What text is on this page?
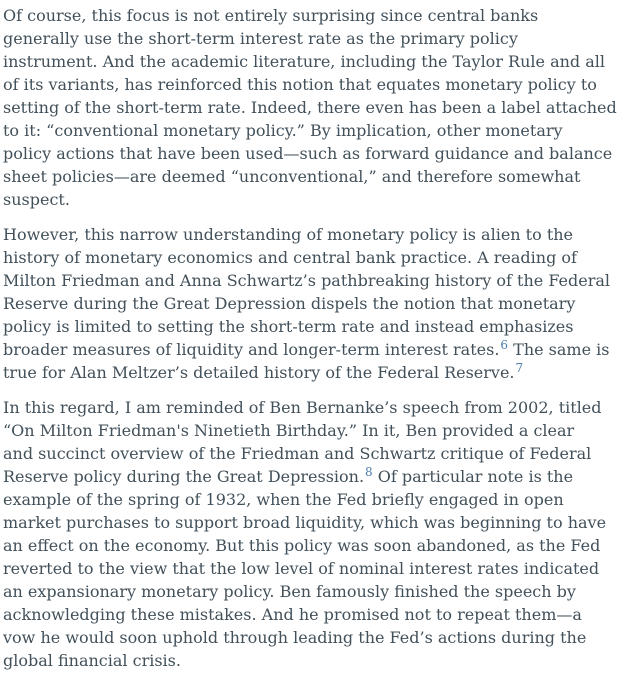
Of course, this focus is not entirely surprising since central banks
generally use the short-term interest rate as the primary policy
instrument. And the academic literature, including the Taylor Rule and all
of its variants, has reinforced this notion that equates monetary policy to
setting of the short-term rate. Indeed, there even has been a label attached
to it: “conventional monetary policy.” By implication, other monetary
policy actions that have been used—such as forward guidance and balance
sheet policies—are deemed “unconventional,” and therefore somewhat
suspect.
However, this narrow understanding of monetary policy is alien to the
history of monetary economics and central bank practice. A reading of
Milton Friedman and Anna Schwartz’s pathbreaking history of the Federal
Reserve during the Great Depression dispels the notion that monetary
policy is limited to setting the short-term rate and instead emphasizes
broader measures of liquidity and longer-term interest rates.$^6$ The same is
true for Alan Meltzer’s detailed history of the Federal Reserve.$^7$
In this regard, I am reminded of Ben Bernanke’s speech from 2002, titled
“On Milton Friedman's Ninetieth Birthday.” In it, Ben provided a clear
and succinct overview of the Friedman and Schwartz critique of Federal
Reserve policy during the Great Depression.$^8$ Of particular note is the
example of the spring of 1932, when the Fed briefly engaged in open
market purchases to support broad liquidity, which was beginning to have
an effect on the economy. But this policy was soon abandoned, as the Fed
reverted to the view that the low level of nominal interest rates indicated
an expansionary monetary policy. Ben famously finished the speech by
acknowledging these mistakes. And he promised not to repeat them—a
vow he would soon uphold through leading the Fed’s actions during the
global financial crisis.
